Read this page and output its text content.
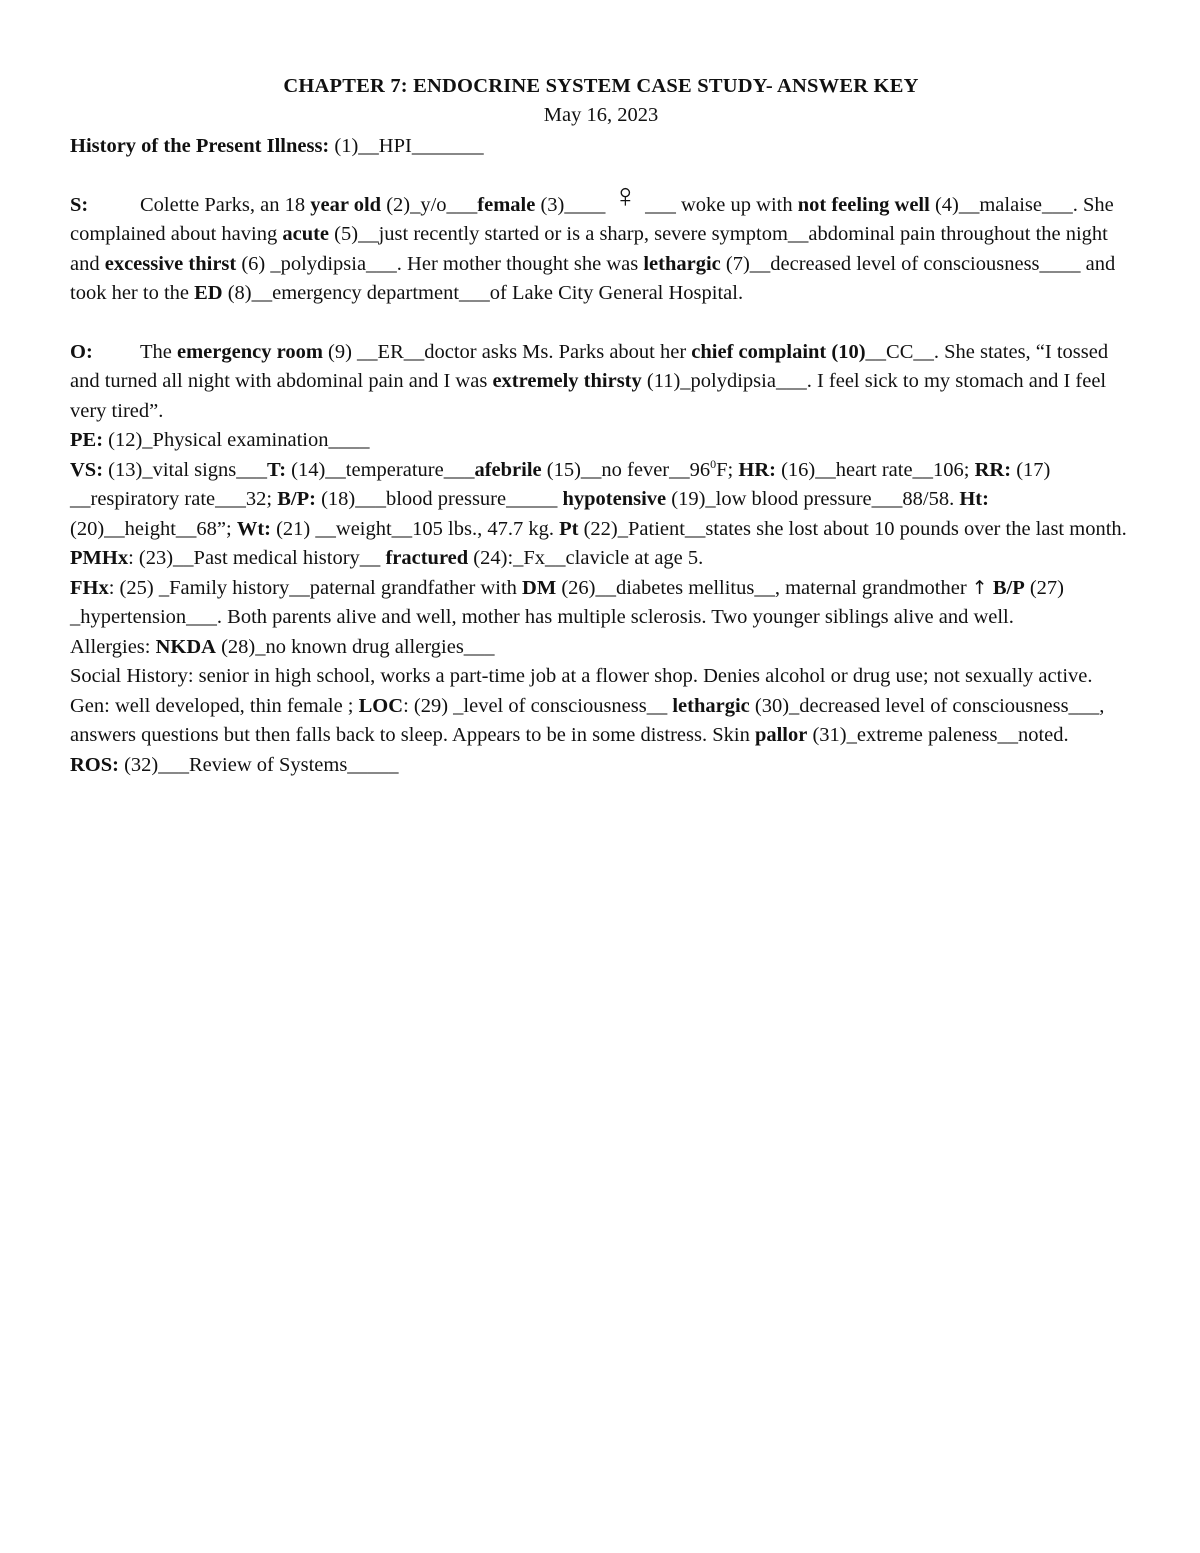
CHAPTER 7: ENDOCRINE SYSTEM CASE STUDY- ANSWER KEY
May 16, 2023

History of the Present Illness: (1)__HPI_______

S:	Colette Parks, an 18 year old (2)_y/o___female (3)____ ♀ ___ woke up with not feeling well (4)__malaise___. She complained about having acute (5)__just recently started or is a sharp, severe symptom__abdominal pain throughout the night and excessive thirst (6) _polydipsia___. Her mother thought she was lethargic (7)__decreased level of consciousness____ and took her to the ED (8)__emergency department___of Lake City General Hospital.

O: The emergency room (9) __ER__doctor asks Ms. Parks about her chief complaint (10)__CC__. She states, “I tossed and turned all night with abdominal pain and I was extremely thirsty (11)_polydipsia___. I feel sick to my stomach and I feel very tired”.

PE: (12)_Physical examination____

VS: (13)_vital signs___T: (14)__temperature___afebrile (15)__no $fever\_\_96^0F$; HR: (16)__heart rate__106; RR: (17) __respiratory rate___32; B/P: (18)___blood pressure_____ hypotensive (19)_low blood pressure___88/58. Ht: (20)__height__68”; Wt: (21) __weight__105 lbs., 47.7 kg. Pt (22)_Patient__states she lost about 10 pounds over the last month.

PMHx: (23)__Past medical history__ fractured (24):_Fx__clavicle at age 5.

FHx: (25) _Family history__paternal grandfather with DM (26)__diabetes mellitus__, maternal grandmother ↑ B/P (27) _hypertension___. Both parents alive and well, mother has multiple sclerosis. Two younger siblings alive and well.

Allergies: NKDA (28)_no known drug allergies___

Social History: senior in high school, works a part-time job at a flower shop. Denies alcohol or drug use; not sexually active.

Gen: well developed, thin female ; LOC: (29) _level of consciousness__ lethargic (30)_decreased level of consciousness___, answers questions but then falls back to sleep. Appears to be in some distress. Skin pallor (31)_extreme paleness__noted.

ROS: (32)___Review of Systems_____
